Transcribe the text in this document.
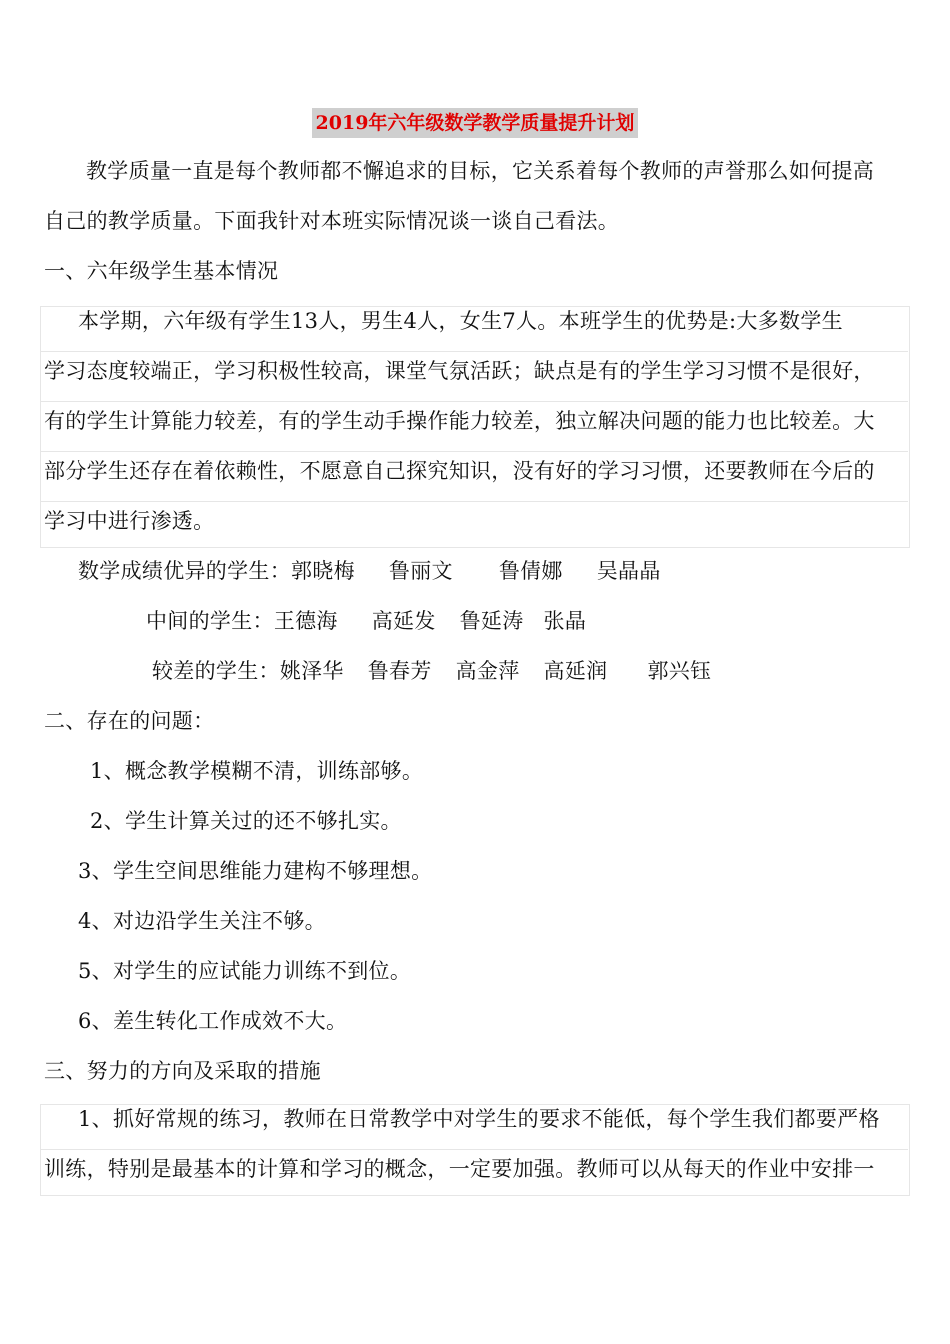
2019年六年级数学教学质量提升计划
教学质量一直是每个教师都不懈追求的目标，它关系着每个教师的声誉那么如何提高
自己的教学质量。下面我针对本班实际情况谈一谈自己看法。
一、六年级学生基本情况
本学期，六年级有学生13人，男生4人，女生7人。本班学生的优势是:大多数学生
学习态度较端正，学习积极性较高，课堂气氛活跃；缺点是有的学生学习习惯不是很好，
有的学生计算能力较差，有的学生动手操作能力较差，独立解决问题的能力也比较差。大
部分学生还存在着依赖性，不愿意自己探究知识，没有好的学习习惯，还要教师在今后的
学习中进行渗透。
数学成绩优异的学生：郭晓梅 鲁丽文 鲁倩娜 吴晶晶
中间的学生：王德海 高延发 鲁延涛 张晶
较差的学生：姚泽华 鲁春芳 高金萍 高延润 郭兴钰
二、存在的问题：
1、概念教学模糊不清，训练部够。
2、学生计算关过的还不够扎实。
3、学生空间思维能力建构不够理想。
4、对边沿学生关注不够。
5、对学生的应试能力训练不到位。
6、差生转化工作成效不大。
三、努力的方向及采取的措施
1、抓好常规的练习，教师在日常教学中对学生的要求不能低，每个学生我们都要严格
训练，特别是最基本的计算和学习的概念，一定要加强。教师可以从每天的作业中安排一
